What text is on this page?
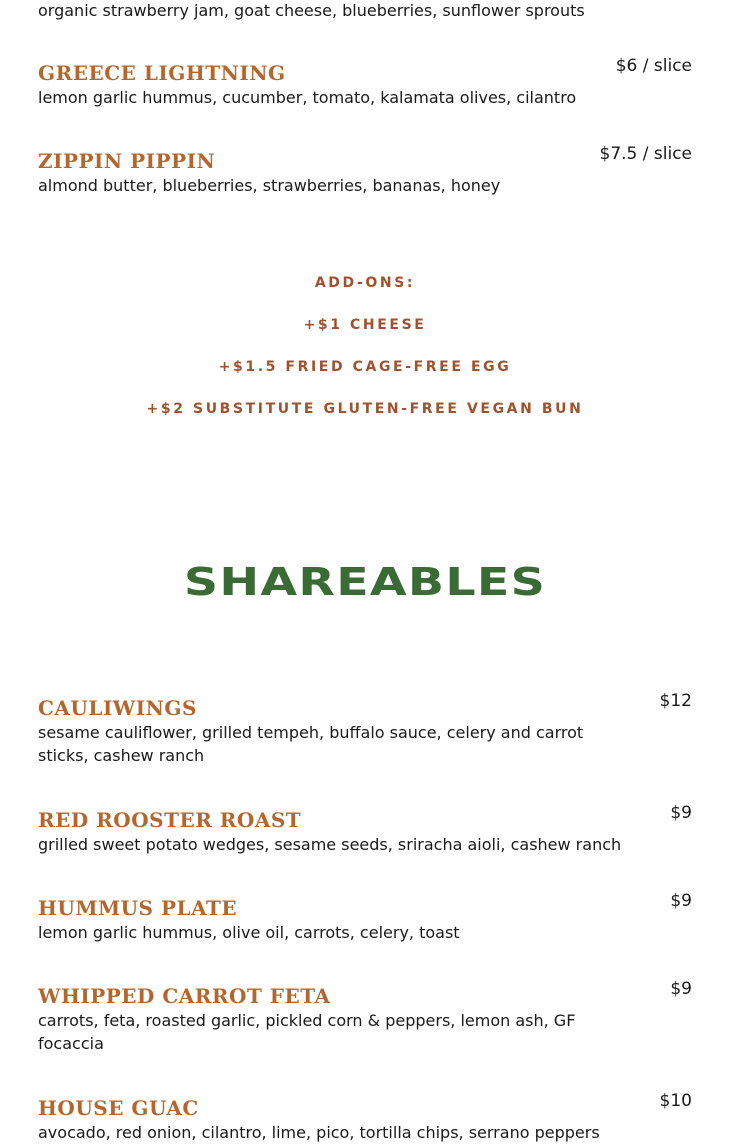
organic strawberry jam, goat cheese, blueberries, sunflower sprouts

GREECE LIGHTNING

lemon garlic hummus, cucumber, tomato, kalamata olives, cilantro

$6 / slice
ZIPPIN PIPPIN

almond butter, blueberries, strawberries, bananas, honey

$7.5 / slice

ADD-ONS:

+$1 CHEESE

+$1.5 FRIED CAGE-FREE EGG

+$2 SUBSTITUTE GLUTEN-FREE VEGAN BUN

SHAREABLES
CAULIWINGS

sesame cauliflower, grilled tempeh, buffalo sauce, celery and carrot sticks, cashew ranch

$12
RED ROOSTER ROAST

grilled sweet potato wedges, sesame seeds, sriracha aioli, cashew ranch

$9
HUMMUS PLATE

lemon garlic hummus, olive oil, carrots, celery, toast

$9
WHIPPED CARROT FETA

carrots, feta, roasted garlic, pickled corn & peppers, lemon ash, GF focaccia

$9
HOUSE GUAC

avocado, red onion, cilantro, lime, pico, tortilla chips, serrano peppers

$10
